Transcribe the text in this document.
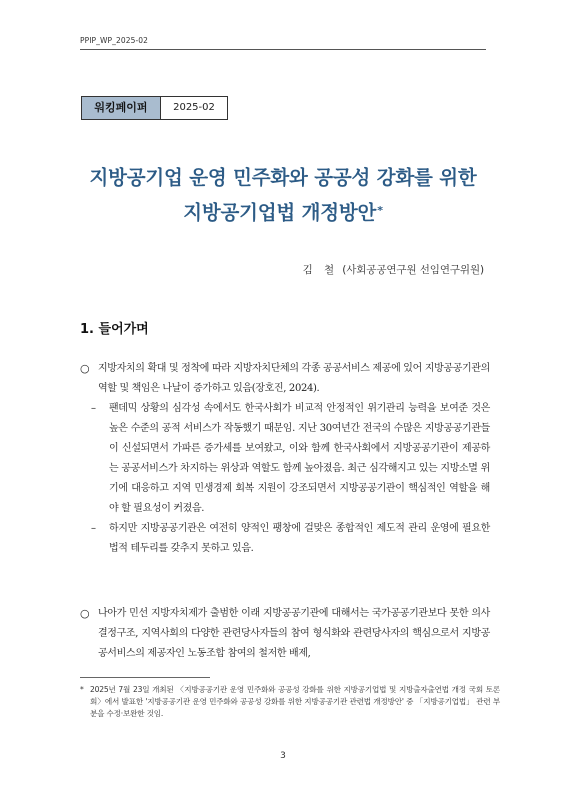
PPIP_WP_2025-02
워킹페이퍼	2025-02
지방공기업 운영 민주화와 공공성 강화를 위한
지방공기업법 개정방안*
김 철 (사회공공연구원 선임연구위원)
1. 들어가며

○ 지방자치의 확대 및 정착에 따라 지방자치단체의 각종 공공서비스 제공에 있어 지방공공기관의 역할 및 책임은 나날이 증가하고 있음(장호진, 2024).

– 팬데믹 상황의 심각성 속에서도 한국사회가 비교적 안정적인 위기관리 능력을 보여준 것은 높은 수준의 공적 서비스가 작동했기 때문임. 지난 30여년간 전국의 수많은 지방공공기관들이 신설되면서 가파른 증가세를 보여왔고, 이와 함께 한국사회에서 지방공공기관이 제공하는 공공서비스가 차지하는 위상과 역할도 함께 높아졌음. 최근 심각해지고 있는 지방소멸 위기에 대응하고 지역 민생경제 회복 지원이 강조되면서 지방공공기관이 핵심적인 역할을 해야 할 필요성이 커졌음.

– 하지만 지방공공기관은 여전히 양적인 팽창에 걸맞은 종합적인 제도적 관리 운영에 필요한 법적 테두리를 갖추지 못하고 있음.

○ 나아가 민선 지방자치제가 출범한 이래 지방공공기관에 대해서는 국가공공기관보다 못한 의사결정구조, 지역사회의 다양한 관련당사자들의 참여 형식화와 관련당사자의 핵심으로서 지방공공서비스의 제공자인 노동조합 참여의 철저한 배제,

* 2025년 7월 23일 개최된 〈지방공공기관 운영 민주화와 공공성 강화를 위한 지방공기업법 및 지방출자출연법 개정 국회 토론회〉에서 발표한 '지방공공기관 운영 민주화와 공공성 강화를 위한 지방공공기관 관련법 개정방안' 중 「지방공기업법」 관련 부분을 수정·보완한 것임.
3
